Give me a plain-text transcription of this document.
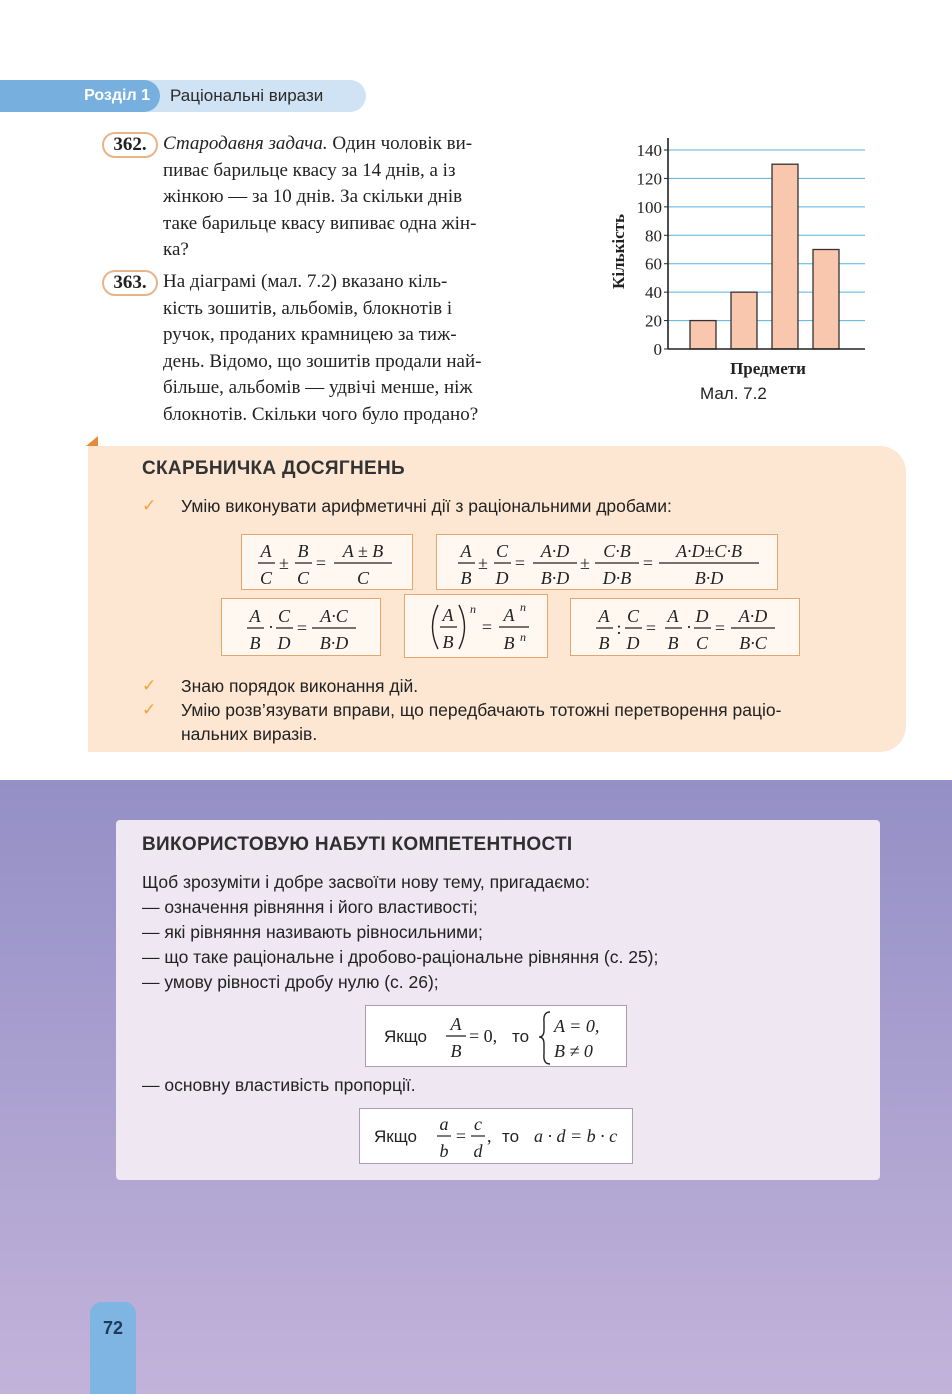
Розділ 1	Раціональні вирази
362. Стародавня задача. Один чоловік ви-
пиває барильце квасу за 14 днів, а із
жінкою — за 10 днів. За скільки днів
таке барильце квасу випиває одна жін-
ка?
363. На діаграмі (мал. 7.2) вказано кіль-
кість зошитів, альбомів, блокнотів і
ручок, проданих крамницею за тиж-
день. Відомо, що зошитів продали най-
більше, альбомів — удвічі менше, ніж
блокнотів. Скільки чого було продано?
0
20
40
60
80
100
120
140
Предмети
Кількість
Мал. 7.2
СКАРБНИЧКА ДОСЯГНЕНЬ
✓ Умію виконувати арифметичні дії з раціональними дробами:
A
C
±
B
C
=
A ± B
C
A
B
±
C
D
=
A·D
B·D
±
C·B
D·B
=
A·D±C·B
B·D
A
B
·
C
D
=
A·C
B·D
A
B
n
=
A n
B n
A
B
:
C
D
=
A
B
·
D
C
=
A·D
B·C
✓ Знаю порядок виконання дій.
✓ Умію розв’язувати вправи, що передбачають тотожні перетворення раціо-
нальних виразів.
ВИКОРИСТОВУЮ НАБУТІ КОМПЕТЕНТНОСТІ
Щоб зрозуміти і добре засвоїти нову тему, пригадаємо:
— означення рівняння і його властивості;
— які рівняння називають рівносильними;
— що таке раціональне і дробово-раціональне рівняння (с. 25);
— умову рівності дробу нулю (с. 26);
Якщо
A
B
= 0, то
A = 0,
B ≠ 0
— основну властивість пропорції.
Якщо
a
b
=
c
d
, то a · d = b · c
72
